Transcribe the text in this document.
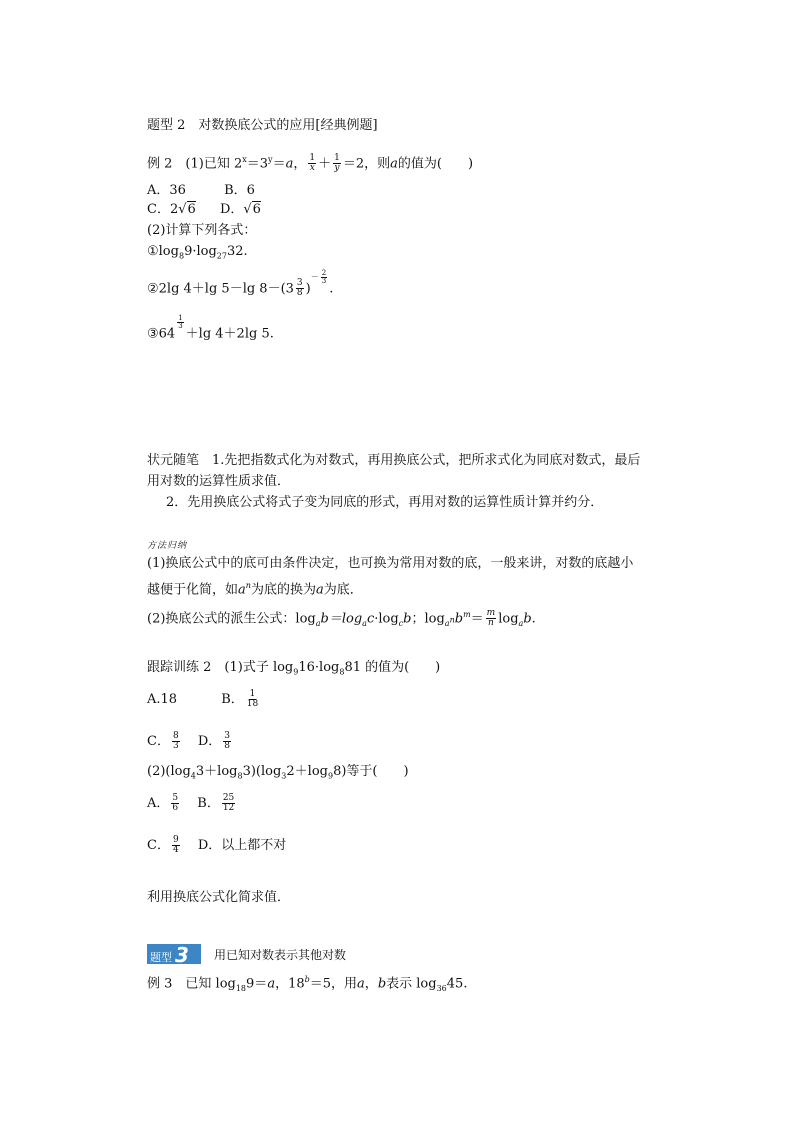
题型 2　对数换底公式的应用[经典例题]
例 2　(1)已知 $2^x=3^y=a$， $\frac{1}{x} + \frac{1}{y} =2$，则a的值为(　　)
A．36	B．6
C．2√6 D．√6
(2)计算下列各式：
$①\log_89\cdot\log_{27}32$.
②2lg 4＋lg 5－lg $8-(3 \frac{3}{8} )^{- \frac{2}{3}}$
.
③64
$^{\frac{1}{3}}$
＋lg 4＋2lg 5.
状元随笔　1.先把指数式化为对数式，再用换底公式，把所求式化为同底对数式，最后
用对数的运算性质求值．
2．先用换底公式将式子变为同底的形式，再用对数的运算性质计算并约分．
方法归纳
(1)换底公式中的底可由条件决定，也可换为常用对数的底，一般来讲，对数的底越小
越便于化简，如$a^n$为底的换为a为底．
(2)换底公式的派生公式：$\log_ab=\log_ac\cdot\log_cb$；$\log_{a^n}b^m= \frac{m}{n} \log_ab$.
跟踪训练 2　(1)式子 $\log_916\cdot\log_881$ 的值为(　　)
A.18	B． $\frac{1}{18}$
C． $\frac{8}{3}$ D． $\frac{3}{8}$
$(2)(\log_43+\log_83)(\log_32+\log_98)$等于(　　)
A． $\frac{5}{6}$ B． $\frac{25}{12}$
C． $\frac{9}{4}$ D．以上都不对
利用换底公式化简求值．
题型 3	用已知对数表示其他对数
例 3　已知 $\log_{18}9=a$，$18^b=5$，用a，b表示 $\log_{36}45$.
